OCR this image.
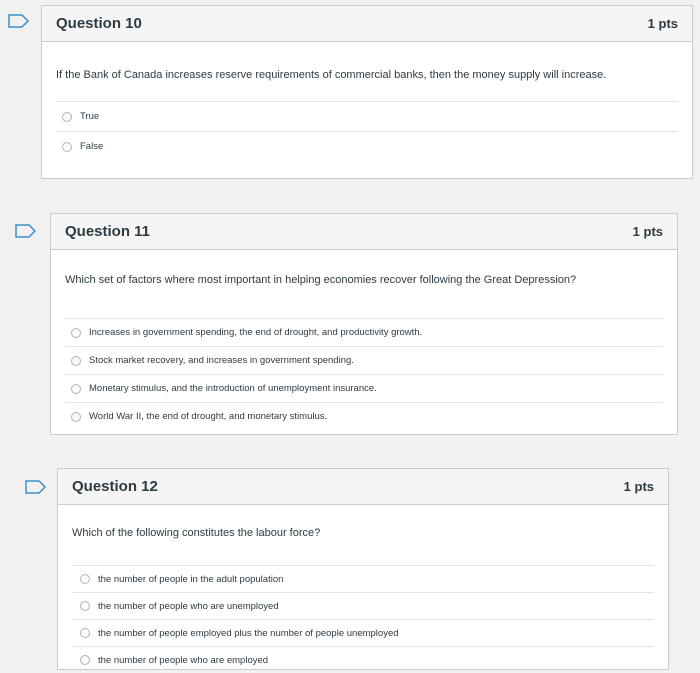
Question 10	1 pts
If the Bank of Canada increases reserve requirements of commercial banks, then the money supply will increase.
True
False
Question 11	1 pts
Which set of factors where most important in helping economies recover following the Great Depression?
Increases in government spending, the end of drought, and productivity growth.
Stock market recovery, and increases in government spending.
Monetary stimulus, and the introduction of unemployment insurance.
World War II, the end of drought, and monetary stimulus.
Question 12	1 pts
Which of the following constitutes the labour force?
the number of people in the adult population
the number of people who are unemployed
the number of people employed plus the number of people unemployed
the number of people who are employed
